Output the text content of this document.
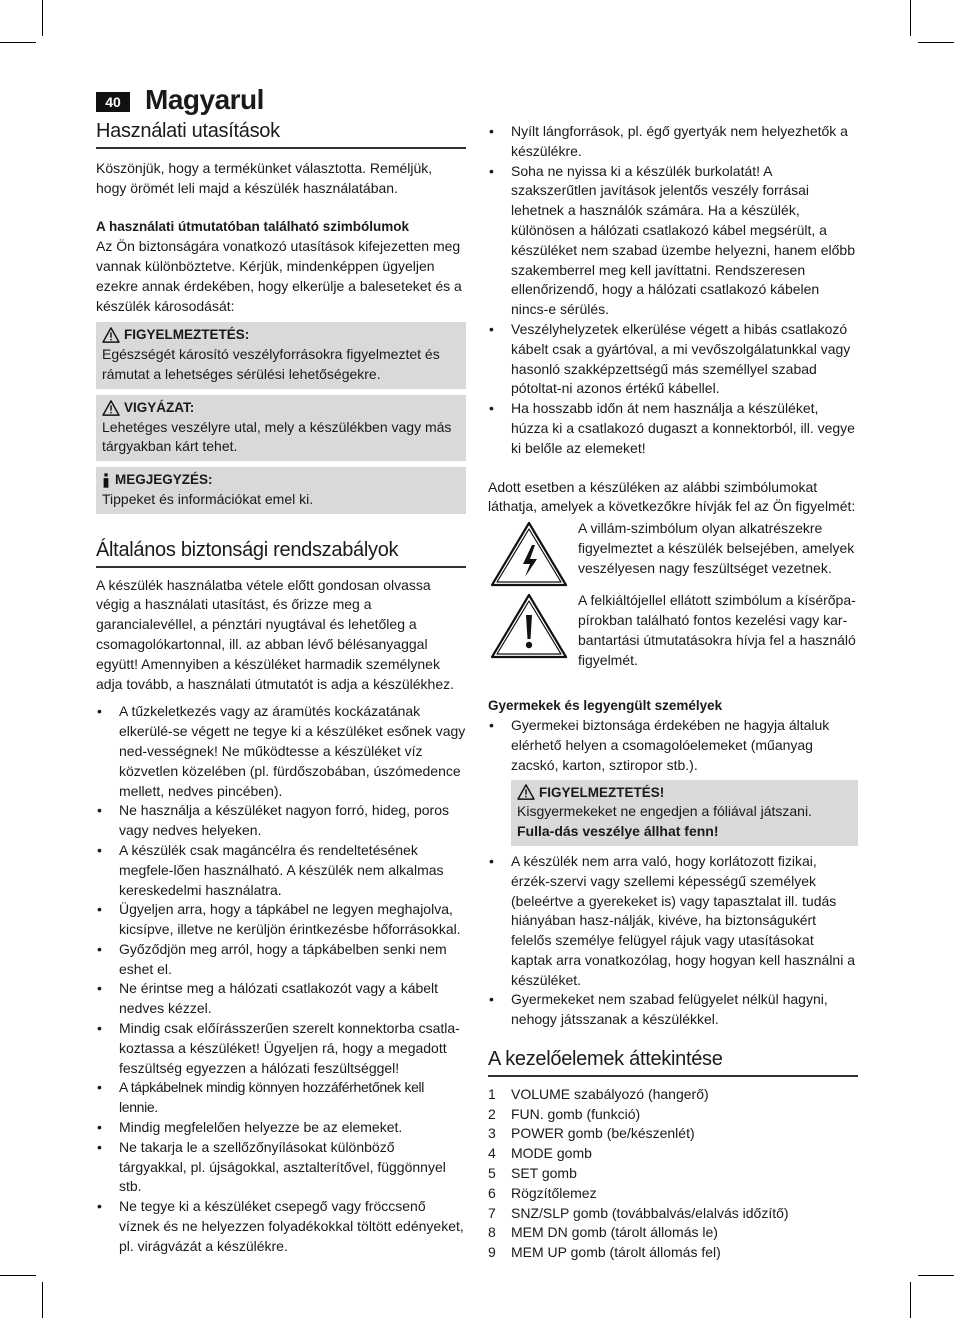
40 Magyarul
Használati utasítások

Köszönjük, hogy a termékünket választotta. Reméljük, hogy örömét leli majd a készülék használatában.

A használati útmutatóban található szimbólumok

Az Ön biztonságára vonatkozó utasítások kifejezetten meg vannak különböztetve. Kérjük, mindenképpen ügyeljen ezekre annak érdekében, hogy elkerülje a baleseteket és a készülék károsodását:

FIGYELMEZTETÉS:

Egészségét károsító veszélyforrásokra figyelmeztet és rámutat a lehetséges sérülési lehetőségekre.

VIGYÁZAT:

Lehetéges veszélyre utal, mely a készülékben vagy más tárgyakban kárt tehet.

MEGJEGYZÉS:

Tippeket és információkat emel ki.

Általános biztonsági rendszabályok

A készülék használatba vétele előtt gondosan olvassa végig a használati utasítást, és őrizze meg a garancialevéllel, a pénztári nyugtával és lehetőleg a csomagolókartonnal, ill. az abban lévő bélésanyaggal együtt! Amennyiben a készüléket harmadik személynek adja tovább, a használati útmutatót is adja a készülékhez.

• A tűzkeletkezés vagy az áramütés kockázatának elkerülé-se végett ne tegye ki a készüléket esőnek vagy ned-vességnek! Ne működtesse a készüléket víz közvetlen közelében (pl. fürdőszobában, úszómedence mellett, nedves pincében).
• Ne használja a készüléket nagyon forró, hideg, poros vagy nedves helyeken.
• A készülék csak magáncélra és rendeltetésének megfele-lően használható. A készülék nem alkalmas kereskedelmi használatra.
• Ügyeljen arra, hogy a tápkábel ne legyen meghajolva, kicsípve, illetve ne kerüljön érintkezésbe hőforrásokkal.
• Győződjön meg arról, hogy a tápkábelben senki nem eshet el.
• Ne érintse meg a hálózati csatlakozót vagy a kábelt nedves kézzel.
• Mindig csak előírásszerűen szerelt konnektorba csatla-koztassa a készüléket! Ügyeljen rá, hogy a megadott feszültség egyezzen a hálózati feszültséggel!
• A tápkábelnek mindig könnyen hozzáférhetőnek kell lennie.
• Mindig megfelelően helyezze be az elemeket.
• Ne takarja le a szellőzőnyílásokat különböző tárgyakkal, pl. újságokkal, asztalterítővel, függönnyel stb.
• Ne tegye ki a készüléket csepegő vagy fröccsenő víznek és ne helyezzen folyadékokkal töltött edényeket, pl. virágvázát a készülékre.
• Nyílt lángforrások, pl. égő gyertyák nem helyezhetők a készülékre.
• Soha ne nyissa ki a készülék burkolatát! A szakszerűtlen javítások jelentős veszély forrásai lehetnek a használók számára. Ha a készülék, különösen a hálózati csatlakozó kábel megsérült, a készüléket nem szabad üzembe helyezni, hanem előbb szakemberrel meg kell javíttatni. Rendszeresen ellenőrizendő, hogy a hálózati csatlakozó kábelen nincs-e sérülés.
• Veszélyhelyzetek elkerülése végett a hibás csatlakozó kábelt csak a gyártóval, a mi vevőszolgálatunkkal vagy hasonló szakképzettségű más személlyel szabad pótoltat-ni azonos értékű kábellel.
• Ha hosszabb időn át nem használja a készüléket, húzza ki a csatlakozó dugaszt a konnektorból, ill. vegye ki belőle az elemeket!

Adott esetben a készüléken az alábbi szimbólumokat láthatja, amelyek a következőkre hívják fel az Ön figyelmét:

A villám-szimbólum olyan alkatrészekre figyelmeztet a készülék belsejében, amelyek veszélyesen nagy feszültséget vezetnek.

A felkiáltójellel ellátott szimbólum a kísérőpa-pírokban található fontos kezelési vagy kar-bantartási útmutatásokra hívja fel a használó figyelmét.

Gyermekek és legyengült személyek

• Gyermekei biztonsága érdekében ne hagyja általuk elérhető helyen a csomagolóelemeket (műanyag zacskó, karton, sztiropor stb.).
FIGYELMEZTETÉS!

Kisgyermekeket ne engedjen a fóliával játszani. Fulla-dás veszélye állhat fenn!

• A készülék nem arra való, hogy korlátozott fizikai, érzék-szervi vagy szellemi képességű személyek (beleértve a gyerekeket is) vagy tapasztalat ill. tudás hiányában hasz-nálják, kivéve, ha biztonságukért felelős személye felügyel rájuk vagy utasításokat kaptak arra vonatkozólag, hogy hogyan kell használni a készüléket.
• Gyermekeket nem szabad felügyelet nélkül hagyni, nehogy játsszanak a készülékkel.
A kezelőelemek áttekintése
1	VOLUME szabályozó (hangerő)
2	FUN. gomb (funkció)
3	POWER gomb (be/készenlét)
4	MODE gomb
5	SET gomb
6	Rögzítőlemez
7	SNZ/SLP gomb (továbbalvás/elalvás időzítő)
8	MEM DN gomb (tárolt állomás le)
9	MEM UP gomb (tárolt állomás fel)
